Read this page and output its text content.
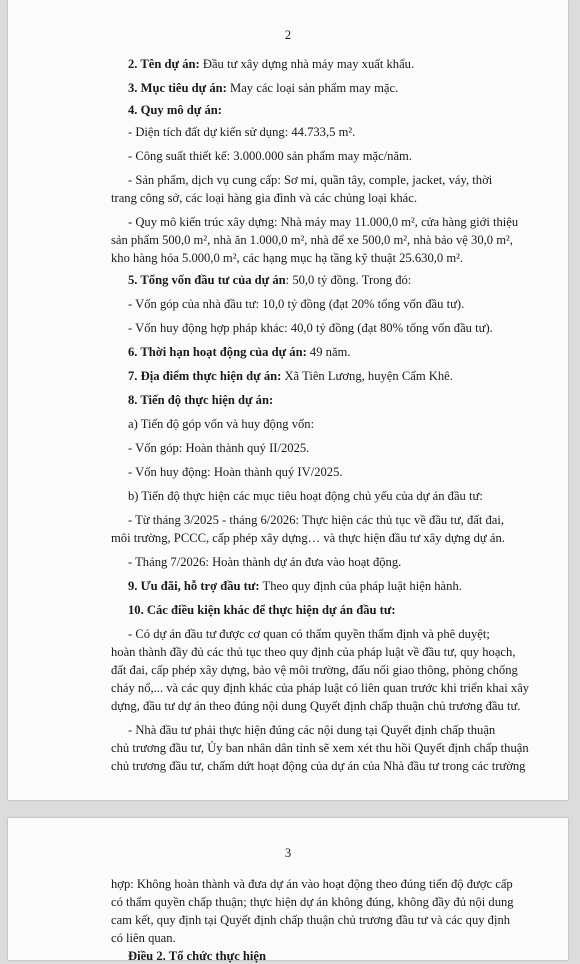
2
2. Tên dự án: Đầu tư xây dựng nhà máy may xuất khẩu.
3. Mục tiêu dự án: May các loại sản phẩm may mặc.
4. Quy mô dự án:
- Diện tích đất dự kiến sử dụng: 44.733,5 m².
- Công suất thiết kế: 3.000.000 sản phẩm may mặc/năm.
- Sản phẩm, dịch vụ cung cấp: Sơ mi, quần tây, comple, jacket, váy, thời
trang công sở, các loại hàng gia đình và các chủng loại khác.
- Quy mô kiến trúc xây dựng: Nhà máy may 11.000,0 m², cửa hàng giới thiệu
sản phẩm 500,0 m², nhà ăn 1.000,0 m², nhà để xe 500,0 m², nhà bảo vệ 30,0 m²,
kho hàng hóa 5.000,0 m², các hạng mục hạ tầng kỹ thuật 25.630,0 m².
5. Tổng vốn đầu tư của dự án: 50,0 tỷ đồng. Trong đó:
- Vốn góp của nhà đầu tư: 10,0 tỷ đồng (đạt 20% tổng vốn đầu tư).
- Vốn huy động hợp pháp khác: 40,0 tỷ đồng (đạt 80% tổng vốn đầu tư).
6. Thời hạn hoạt động của dự án: 49 năm.
7. Địa điểm thực hiện dự án: Xã Tiên Lương, huyện Cẩm Khê.
8. Tiến độ thực hiện dự án:
a) Tiến độ góp vốn và huy động vốn:
- Vốn góp: Hoàn thành quý II/2025.
- Vốn huy động: Hoàn thành quý IV/2025.
b) Tiến độ thực hiện các mục tiêu hoạt động chủ yếu của dự án đầu tư:
- Từ tháng 3/2025 - tháng 6/2026: Thực hiện các thủ tục về đầu tư, đất đai,
môi trường, PCCC, cấp phép xây dựng… và thực hiện đầu tư xây dựng dự án.
- Tháng 7/2026: Hoàn thành dự án đưa vào hoạt động.
9. Ưu đãi, hỗ trợ đầu tư: Theo quy định của pháp luật hiện hành.
10. Các điều kiện khác để thực hiện dự án đầu tư:
- Có dự án đầu tư được cơ quan có thẩm quyền thẩm định và phê duyệt;
hoàn thành đầy đủ các thủ tục theo quy định của pháp luật về đầu tư, quy hoạch,
đất đai, cấp phép xây dựng, bảo vệ môi trường, đấu nối giao thông, phòng chống
cháy nổ,... và các quy định khác của pháp luật có liên quan trước khi triển khai xây
dựng, đầu tư dự án theo đúng nội dung Quyết định chấp thuận chủ trương đầu tư.
- Nhà đầu tư phải thực hiện đúng các nội dung tại Quyết định chấp thuận
chủ trương đầu tư, Ủy ban nhân dân tỉnh sẽ xem xét thu hồi Quyết định chấp thuận
chủ trương đầu tư, chấm dứt hoạt động của dự án của Nhà đầu tư trong các trường
3
hợp: Không hoàn thành và đưa dự án vào hoạt động theo đúng tiến độ được cấp
có thẩm quyền chấp thuận; thực hiện dự án không đúng, không đầy đủ nội dung
cam kết, quy định tại Quyết định chấp thuận chủ trương đầu tư và các quy định
có liên quan.
Điều 2. Tổ chức thực hiện
